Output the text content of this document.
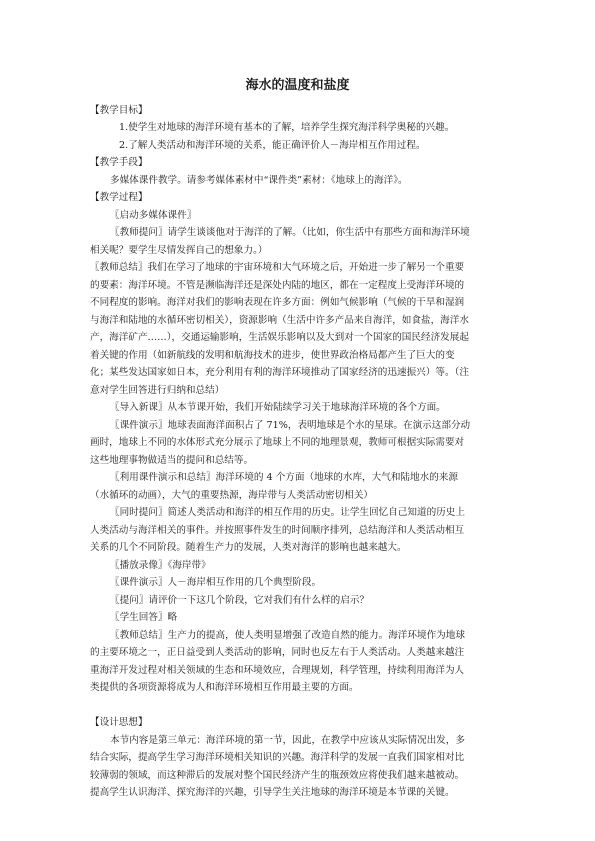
海水的温度和盐度
【教学目标】
1.使学生对地球的海洋环境有基本的了解，培养学生探究海洋科学奥秘的兴趣。
2.了解人类活动和海洋环境的关系，能正确评价人－海岸相互作用过程。
【教学手段】
多媒体课件教学。请参考媒体素材中“课件类”素材：《地球上的海洋》。
【教学过程】
〖启动多媒体课件〗
〖教师提问〗请学生谈谈他对于海洋的了解。（比如，你生活中有那些方面和海洋环境
相关呢？要学生尽情发挥自己的想象力。）
〖教师总结〗我们在学习了地球的宇宙环境和大气环境之后，开始进一步了解另一个重要
的要素：海洋环境。不管是濒临海洋还是深处内陆的地区，都在一定程度上受海洋环境的
不同程度的影响。海洋对我们的影响表现在许多方面：例如气候影响（气候的干旱和湿润
与海洋和陆地的水循环密切相关），资源影响（生活中许多产品来自海洋，如食盐，海洋水
产，海洋矿产……），交通运输影响，生活娱乐影响以及大到对一个国家的国民经济发展起
着关键的作用（如新航线的发明和航海技术的进步，使世界政治格局都产生了巨大的变
化；某些发达国家如日本，充分利用有利的海洋环境推动了国家经济的迅速振兴）等。（注
意对学生回答进行归纳和总结）
〖导入新课〗从本节课开始，我们开始陆续学习关于地球海洋环境的各个方面。
〖课件演示〗地球表面海洋面积占了 71%，表明地球是个水的星球。在演示这部分动
画时，地球上不同的水体形式充分展示了地球上不同的地理景观，教师可根据实际需要对
这些地理事物做适当的提问和总结等。
〖利用课件演示和总结〗海洋环境的 4 个方面（地球的水库，大气和陆地水的来源
（水循环的动画），大气的重要热源，海岸带与人类活动密切相关）
〖同时提问〗简述人类活动和海洋的相互作用的历史。让学生回忆自己知道的历史上
人类活动与海洋相关的事件。并按照事件发生的时间顺序排列，总结海洋和人类活动相互
关系的几个不同阶段。随着生产力的发展，人类对海洋的影响也越来越大。
〖播放录像〗《海岸带》
〖课件演示〗人－海岸相互作用的几个典型阶段。
〖提问〗请评价一下这几个阶段，它对我们有什么样的启示？
〖学生回答〗略
〖教师总结〗生产力的提高，使人类明显增强了改造自然的能力。海洋环境作为地球
的主要环境之一，正日益受到人类活动的影响，同时也反左右于人类活动。人类越来越注
重海洋开发过程对相关领域的生态和环境效应，合理规划，科学管理，持续利用海洋为人
类提供的各项资源将成为人和海洋环境相互作用最主要的方面。
【设计思想】
本节内容是第三单元：海洋环境的第一节，因此，在教学中应该从实际情况出发，多
结合实际，提高学生学习海洋环境相关知识的兴趣。海洋科学的发展一直我们国家相对比
较薄弱的领域，而这种滞后的发展对整个国民经济产生的瓶颈效应将使我们越来越被动。
提高学生认识海洋、探究海洋的兴趣，引导学生关注地球的海洋环境是本节课的关键。
